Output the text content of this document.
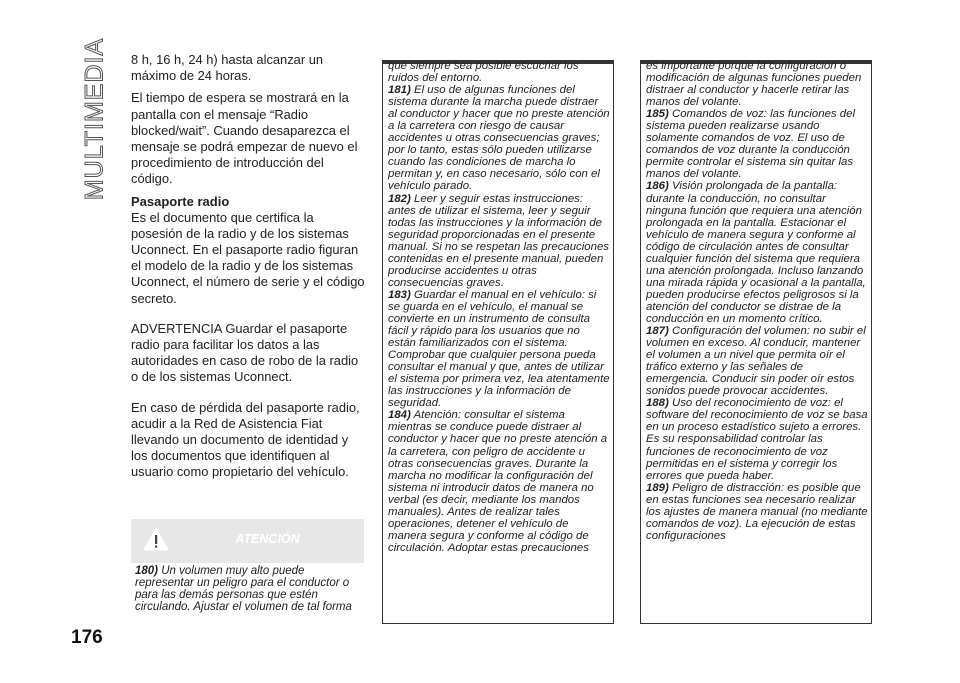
MULTIMEDIA 8 h, 16 h, 24 h) hasta alcanzar un máximo de 24 horas.

El tiempo de espera se mostrará en la pantalla con el mensaje “Radio blocked/wait”. Cuando desaparezca el mensaje se podrá empezar de nuevo el procedimiento de introducción del código.

Pasaporte radio

Es el documento que certifica la posesión de la radio y de los sistemas Uconnect. En el pasaporte radio figuran el modelo de la radio y de los sistemas Uconnect, el número de serie y el código secreto.

ADVERTENCIA Guardar el pasaporte radio para facilitar los datos a las autoridades en caso de robo de la radio o de los sistemas Uconnect.

En caso de pérdida del pasaporte radio, acudir a la Red de Asistencia Fiat llevando un documento de identidad y los documentos que identifiquen al usuario como propietario del vehículo.

ATENCIÓN
180) Un volumen muy alto puede representar un peligro para el conductor o para las demás personas que estén circulando. Ajustar el volumen de tal forma

que siempre sea posible escuchar los ruidos del entorno.

181) El uso de algunas funciones del sistema durante la marcha puede distraer al conductor y hacer que no preste atención a la carretera con riesgo de causar accidentes u otras consecuencias graves; por lo tanto, estas sólo pueden utilizarse cuando las condiciones de marcha lo permitan y, en caso necesario, sólo con el vehículo parado.

182) Leer y seguir estas instrucciones: antes de utilizar el sistema, leer y seguir todas las instrucciones y la información de seguridad proporcionadas en el presente manual. Si no se respetan las precauciones contenidas en el presente manual, pueden producirse accidentes u otras consecuencias graves.

183) Guardar el manual en el vehículo: si se guarda en el vehículo, el manual se convierte en un instrumento de consulta fácil y rápido para los usuarios que no están familiarizados con el sistema. Comprobar que cualquier persona pueda consultar el manual y que, antes de utilizar el sistema por primera vez, lea atentamente las instrucciones y la información de seguridad.

184) Atención: consultar el sistema mientras se conduce puede distraer al conductor y hacer que no preste atención a la carretera, con peligro de accidente u otras consecuencias graves. Durante la marcha no modificar la configuración del sistema ni introducir datos de manera no verbal (es decir, mediante los mandos manuales). Antes de realizar tales operaciones, detener el vehículo de manera segura y conforme al código de circulación. Adoptar estas precauciones

es importante porque la configuración o modificación de algunas funciones pueden distraer al conductor y hacerle retirar las manos del volante.

185) Comandos de voz: las funciones del sistema pueden realizarse usando solamente comandos de voz. El uso de comandos de voz durante la conducción permite controlar el sistema sin quitar las manos del volante.

186) Visión prolongada de la pantalla: durante la conducción, no consultar ninguna función que requiera una atención prolongada en la pantalla. Estacionar el vehículo de manera segura y conforme al código de circulación antes de consultar cualquier función del sistema que requiera una atención prolongada. Incluso lanzando una mirada rápida y ocasional a la pantalla, pueden producirse efectos peligrosos si la atención del conductor se distrae de la conducción en un momento crítico.

187) Configuración del volumen: no subir el volumen en exceso. Al conducir, mantener el volumen a un nivel que permita oír el tráfico externo y las señales de emergencia. Conducir sin poder oír estos sonidos puede provocar accidentes.

188) Uso del reconocimiento de voz: el software del reconocimiento de voz se basa en un proceso estadístico sujeto a errores. Es su responsabilidad controlar las funciones de reconocimiento de voz permitidas en el sistema y corregir los errores que pueda haber.

189) Peligro de distracción: es posible que en estas funciones sea necesario realizar los ajustes de manera manual (no mediante comandos de voz). La ejecución de estas configuraciones

176
